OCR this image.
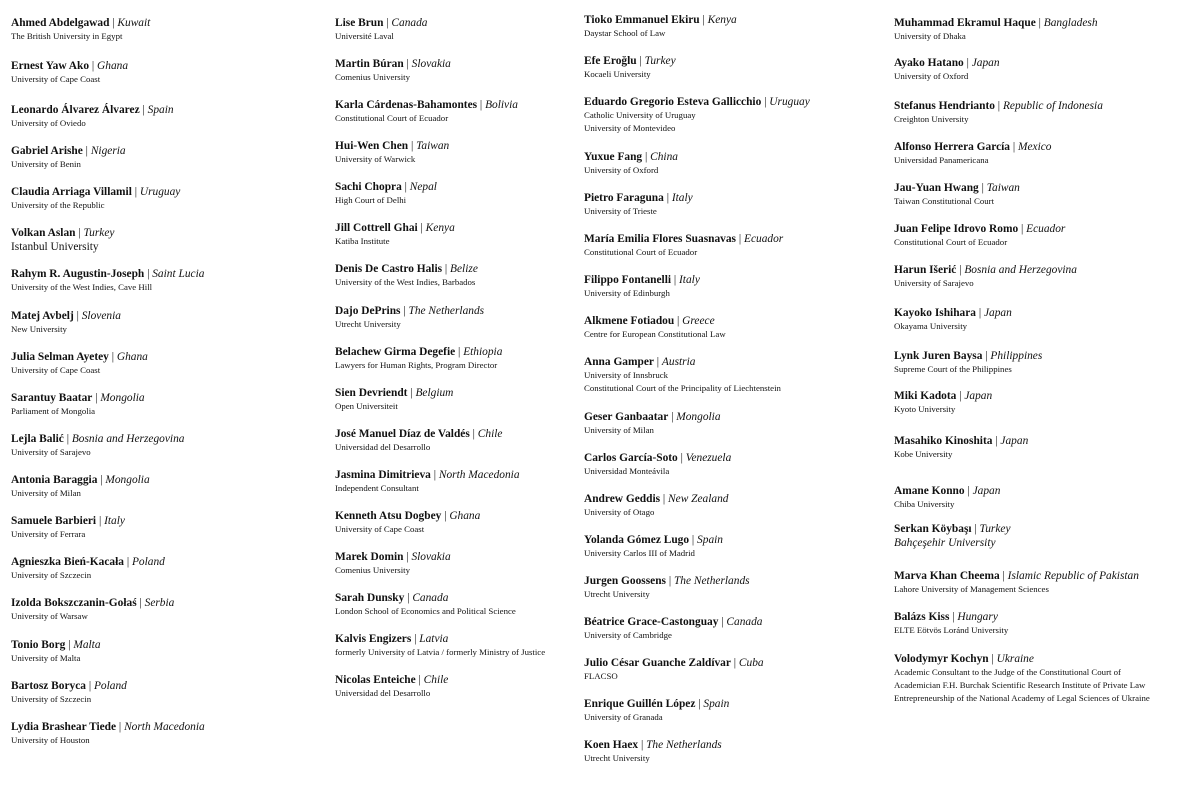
Ahmed Abdelgawad | Kuwait
The British University in Egypt
Ernest Yaw Ako | Ghana
University of Cape Coast
Leonardo Álvarez Álvarez | Spain
University of Oviedo
Gabriel Arishe | Nigeria
University of Benin
Claudia Arriaga Villamil | Uruguay
University of the Republic
Volkan Aslan | Turkey
Istanbul University
Rahym R. Augustin-Joseph | Saint Lucia
University of the West Indies, Cave Hill
Matej Avbelj | Slovenia
New University
Julia Selman Ayetey | Ghana
University of Cape Coast
Sarantuy Baatar | Mongolia
Parliament of Mongolia
Lejla Balić | Bosnia and Herzegovina
University of Sarajevo
Antonia Baraggia | Mongolia
University of Milan
Samuele Barbieri | Italy
University of Ferrara
Agnieszka Bień-Kacała | Poland
University of Szczecin
Izolda Bokszczanin-Gołaś | Serbia
University of Warsaw
Tonio Borg | Malta
University of Malta
Bartosz Boryca | Poland
University of Szczecin
Lydia Brashear Tiede | North Macedonia
University of Houston
Lise Brun | Canada
Université Laval
Martin Búran | Slovakia
Comenius University
Karla Cárdenas-Bahamontes | Bolivia
Constitutional Court of Ecuador
Hui-Wen Chen | Taiwan
University of Warwick
Sachi Chopra | Nepal
High Court of Delhi
Jill Cottrell Ghai | Kenya
Katiba Institute
Denis De Castro Halis | Belize
University of the West Indies, Barbados
Dajo DePrins | The Netherlands
Utrecht University
Belachew Girma Degefie | Ethiopia
Lawyers for Human Rights, Program Director
Sien Devriendt | Belgium
Open Universiteit
José Manuel Díaz de Valdés | Chile
Universidad del Desarrollo
Jasmina Dimitrieva | North Macedonia
Independent Consultant
Kenneth Atsu Dogbey | Ghana
University of Cape Coast
Marek Domin | Slovakia
Comenius University
Sarah Dunsky | Canada
London School of Economics and Political Science
Kalvis Engizers | Latvia
formerly University of Latvia / formerly Ministry of Justice
Nicolas Enteiche | Chile
Universidad del Desarrollo
Tioko Emmanuel Ekiru | Kenya
Daystar School of Law
Efe Eroğlu | Turkey
Kocaeli University
Eduardo Gregorio Esteva Gallicchio | Uruguay
Catholic University of Uruguay
University of Montevideo
Yuxue Fang | China
University of Oxford
Pietro Faraguna | Italy
University of Trieste
María Emilia Flores Suasnavas | Ecuador
Constitutional Court of Ecuador
Filippo Fontanelli | Italy
University of Edinburgh
Alkmene Fotiadou | Greece
Centre for European Constitutional Law
Anna Gamper | Austria
University of Innsbruck
Constitutional Court of the Principality of Liechtenstein
Geser Ganbaatar | Mongolia
University of Milan
Carlos García-Soto | Venezuela
Universidad Monteávila
Andrew Geddis | New Zealand
University of Otago
Yolanda Gómez Lugo | Spain
University Carlos III of Madrid
Jurgen Goossens | The Netherlands
Utrecht University
Béatrice Grace-Castonguay | Canada
University of Cambridge
Julio César Guanche Zaldívar | Cuba
FLACSO
Enrique Guillén López | Spain
University of Granada
Koen Haex | The Netherlands
Utrecht University
Muhammad Ekramul Haque | Bangladesh
University of Dhaka
Ayako Hatano | Japan
University of Oxford
Stefanus Hendrianto | Republic of Indonesia
Creighton University
Alfonso Herrera García | Mexico
Universidad Panamericana
Jau-Yuan Hwang | Taiwan
Taiwan Constitutional Court
Juan Felipe Idrovo Romo | Ecuador
Constitutional Court of Ecuador
Harun Išerić | Bosnia and Herzegovina
University of Sarajevo
Kayoko Ishihara | Japan
Okayama University
Lynk Juren Baysa | Philippines
Supreme Court of the Philippines
Miki Kadota | Japan
Kyoto University
Masahiko Kinoshita | Japan
Kobe University
Amane Konno | Japan
Chiba University
Serkan Köybaşı | Turkey
Bahçeşehir University
Marva Khan Cheema | Islamic Republic of Pakistan
Lahore University of Management Sciences
Balázs Kiss | Hungary
ELTE Eötvös Loránd University
Volodymyr Kochyn | Ukraine
Academic Consultant to the Judge of the Constitutional Court of
Academician F.H. Burchak Scientific Research Institute of Private Law
Entrepreneurship of the National Academy of Legal Sciences of Ukraine
